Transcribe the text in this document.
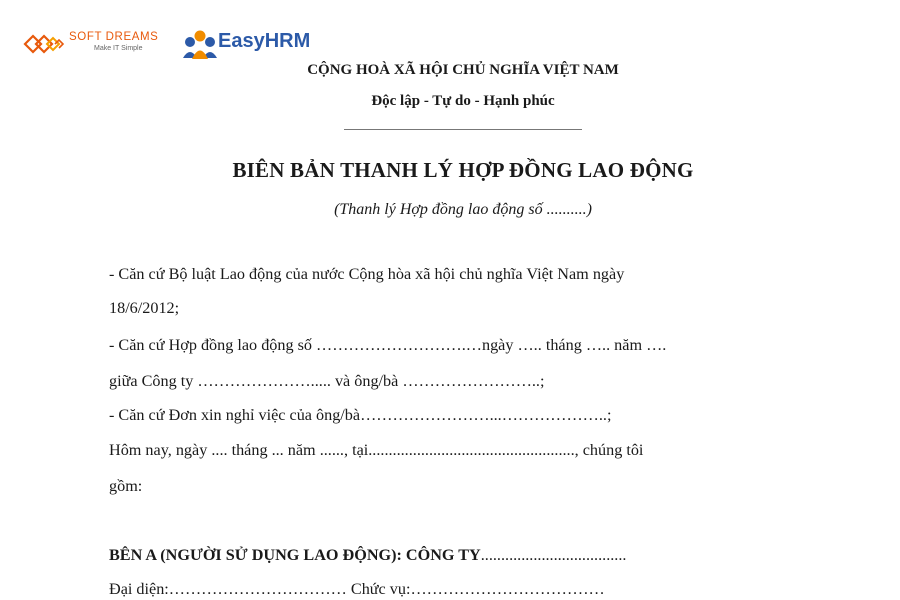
SOFT DREAMS
Make IT Simple	EasyHRM
CỘNG HOÀ XÃ HỘI CHỦ NGHĨA VIỆT NAM
Độc lập - Tự do - Hạnh phúc
BIÊN BẢN THANH LÝ HỢP ĐỒNG LAO ĐỘNG
(Thanh lý Hợp đồng lao động số ..........)
- Căn cứ Bộ luật Lao động của nước Cộng hòa xã hội chủ nghĩa Việt Nam ngày
18/6/2012;
- Căn cứ Hợp đồng lao động số ……………………….…ngày ….. tháng ….. năm ….
giữa Công ty …………………..... và ông/bà ……………………..;
- Căn cứ Đơn xin nghỉ việc của ông/bà……………………...………………..;
Hôm nay, ngày .... tháng ... năm ......, tại..................................................., chúng tôi
gồm:
BÊN A (NGƯỜI SỬ DỤNG LAO ĐỘNG): CÔNG TY....................................
Đại diện:…………………………… Chức vụ:………………………………
